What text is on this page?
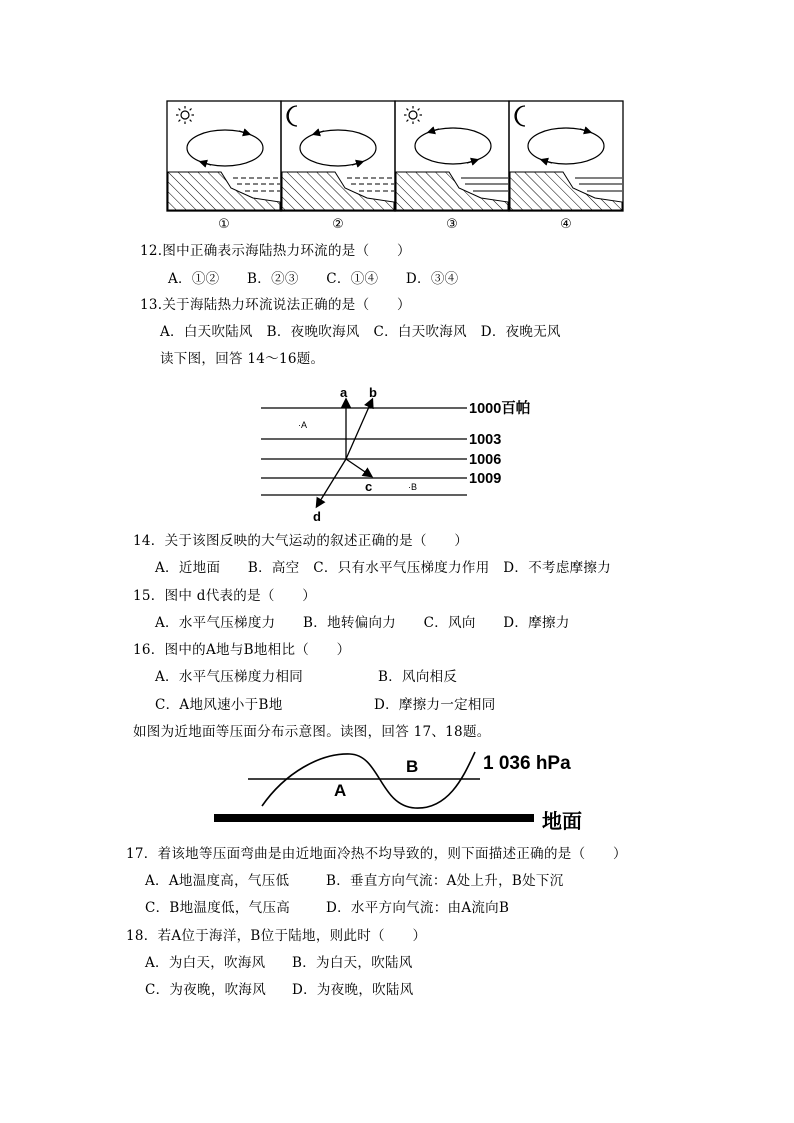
①	②	③	④
12.图中正确表示海陆热力环流的是（　　）
A．①②　　B．②③　　C．①④　　D．③④
13.关于海陆热力环流说法正确的是（　　）
A．白天吹陆风　B．夜晚吹海风　C．白天吹海风　D．夜晚无风
读下图，回答 14～16题。
1000百帕
1003
1006
1009
a b
c
d
·A
·B
14．关于该图反映的大气运动的叙述正确的是（　　）
A．近地面　　B．高空　C．只有水平气压梯度力作用　D．不考虑摩擦力
15．图中 d代表的是（　　）
A．水平气压梯度力　　B．地转偏向力　　C．风向　　D．摩擦力
16．图中的A地与B地相比（　　）
A．水平气压梯度力相同	B．风向相反
C．A地风速小于B地	D．摩擦力一定相同
如图为近地面等压面分布示意图。读图，回答 17、18题。
A
B	1 036 hPa
地面
17．着该地等压面弯曲是由近地面冷热不均导致的，则下面描述正确的是（　　）
A．A地温度高，气压低	B．垂直方向气流：A处上升，B处下沉
C．B地温度低，气压高	D．水平方向气流：由A流向B
18．若A位于海洋，B位于陆地，则此时（　　）
A．为白天，吹海风 B．为白天，吹陆风
C．为夜晚，吹海风 D．为夜晚，吹陆风
